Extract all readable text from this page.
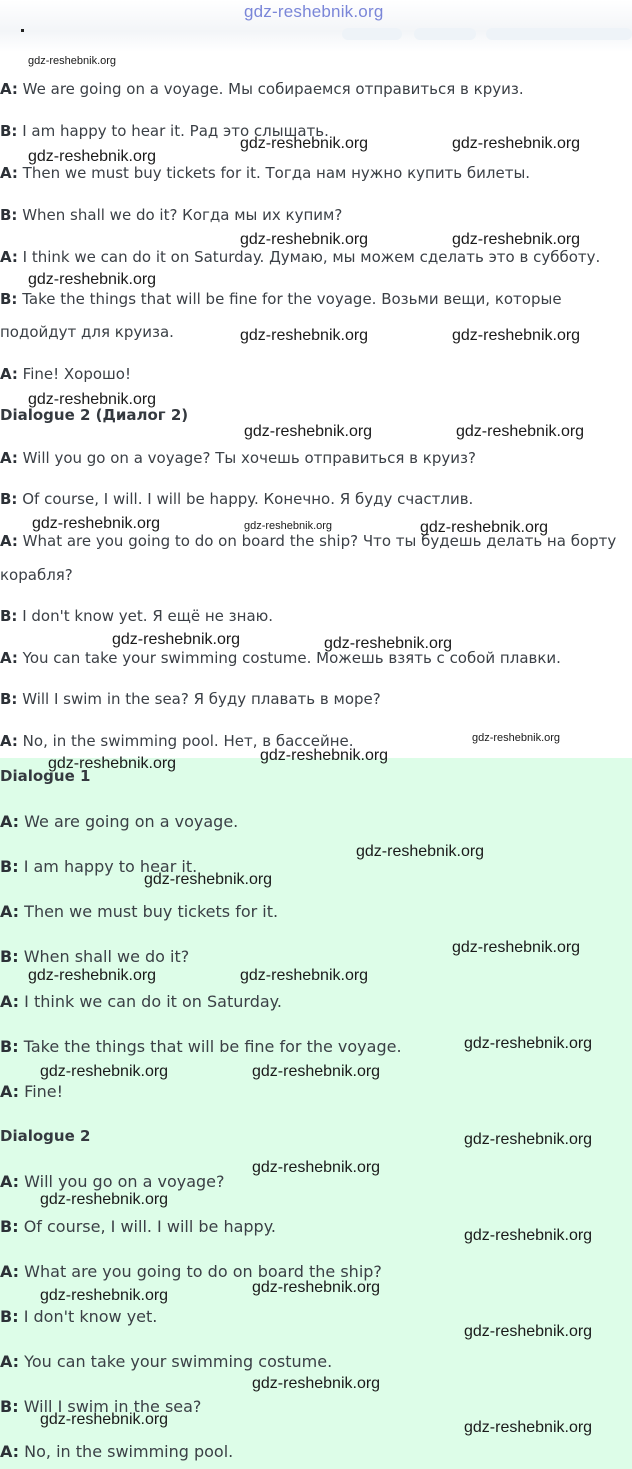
gdz-reshebnik.org
A: We are going on a voyage. Мы собираемся отправиться в круиз.
B: I am happy to hear it. Рад это слышать.
A: Then we must buy tickets for it. Тогда нам нужно купить билеты.
B: When shall we do it? Когда мы их купим?
A: I think we can do it on Saturday. Думаю, мы можем сделать это в субботу.
B: Take the things that will be fine for the voyage. Возьми вещи, которые
подойдут для круиза.
A: Fine! Хорошо!
Dialogue 2 (Диалог 2)
A: Will you go on a voyage? Ты хочешь отправиться в круиз?
B: Of course, I will. I will be happy. Конечно. Я буду счастлив.
A: What are you going to do on board the ship? Что ты будешь делать на борту
корабля?
B: I don't know yet. Я ещё не знаю.
A: You can take your swimming costume. Можешь взять с собой плавки.
B: Will I swim in the sea? Я буду плавать в море?
A: No, in the swimming pool. Нет, в бассейне.
Dialogue 1
A: We are going on a voyage.
B: I am happy to hear it.
A: Then we must buy tickets for it.
B: When shall we do it?
A: I think we can do it on Saturday.
B: Take the things that will be fine for the voyage.
A: Fine!
Dialogue 2
A: Will you go on a voyage?
B: Of course, I will. I will be happy.
A: What are you going to do on board the ship?
B: I don't know yet.
A: You can take your swimming costume.
B: Will I swim in the sea?
A: No, in the swimming pool.
gdz-reshebnik.org
gdz-reshebnik.org	gdz-reshebnik.org
gdz-reshebnik.org
gdz-reshebnik.org	gdz-reshebnik.org
gdz-reshebnik.org
gdz-reshebnik.org	gdz-reshebnik.org
gdz-reshebnik.org
gdz-reshebnik.org	gdz-reshebnik.org
gdz-reshebnik.org	gdz-reshebnik.org	gdz-reshebnik.org
gdz-reshebnik.org	gdz-reshebnik.org
gdz-reshebnik.org
gdz-reshebnik.org
gdz-reshebnik.org
gdz-reshebnik.org
gdz-reshebnik.org
gdz-reshebnik.org
gdz-reshebnik.org	gdz-reshebnik.org
gdz-reshebnik.org
gdz-reshebnik.org	gdz-reshebnik.org
gdz-reshebnik.org
gdz-reshebnik.org
gdz-reshebnik.org
gdz-reshebnik.org
gdz-reshebnik.org
gdz-reshebnik.org
gdz-reshebnik.org
gdz-reshebnik.org
gdz-reshebnik.org	gdz-reshebnik.org
